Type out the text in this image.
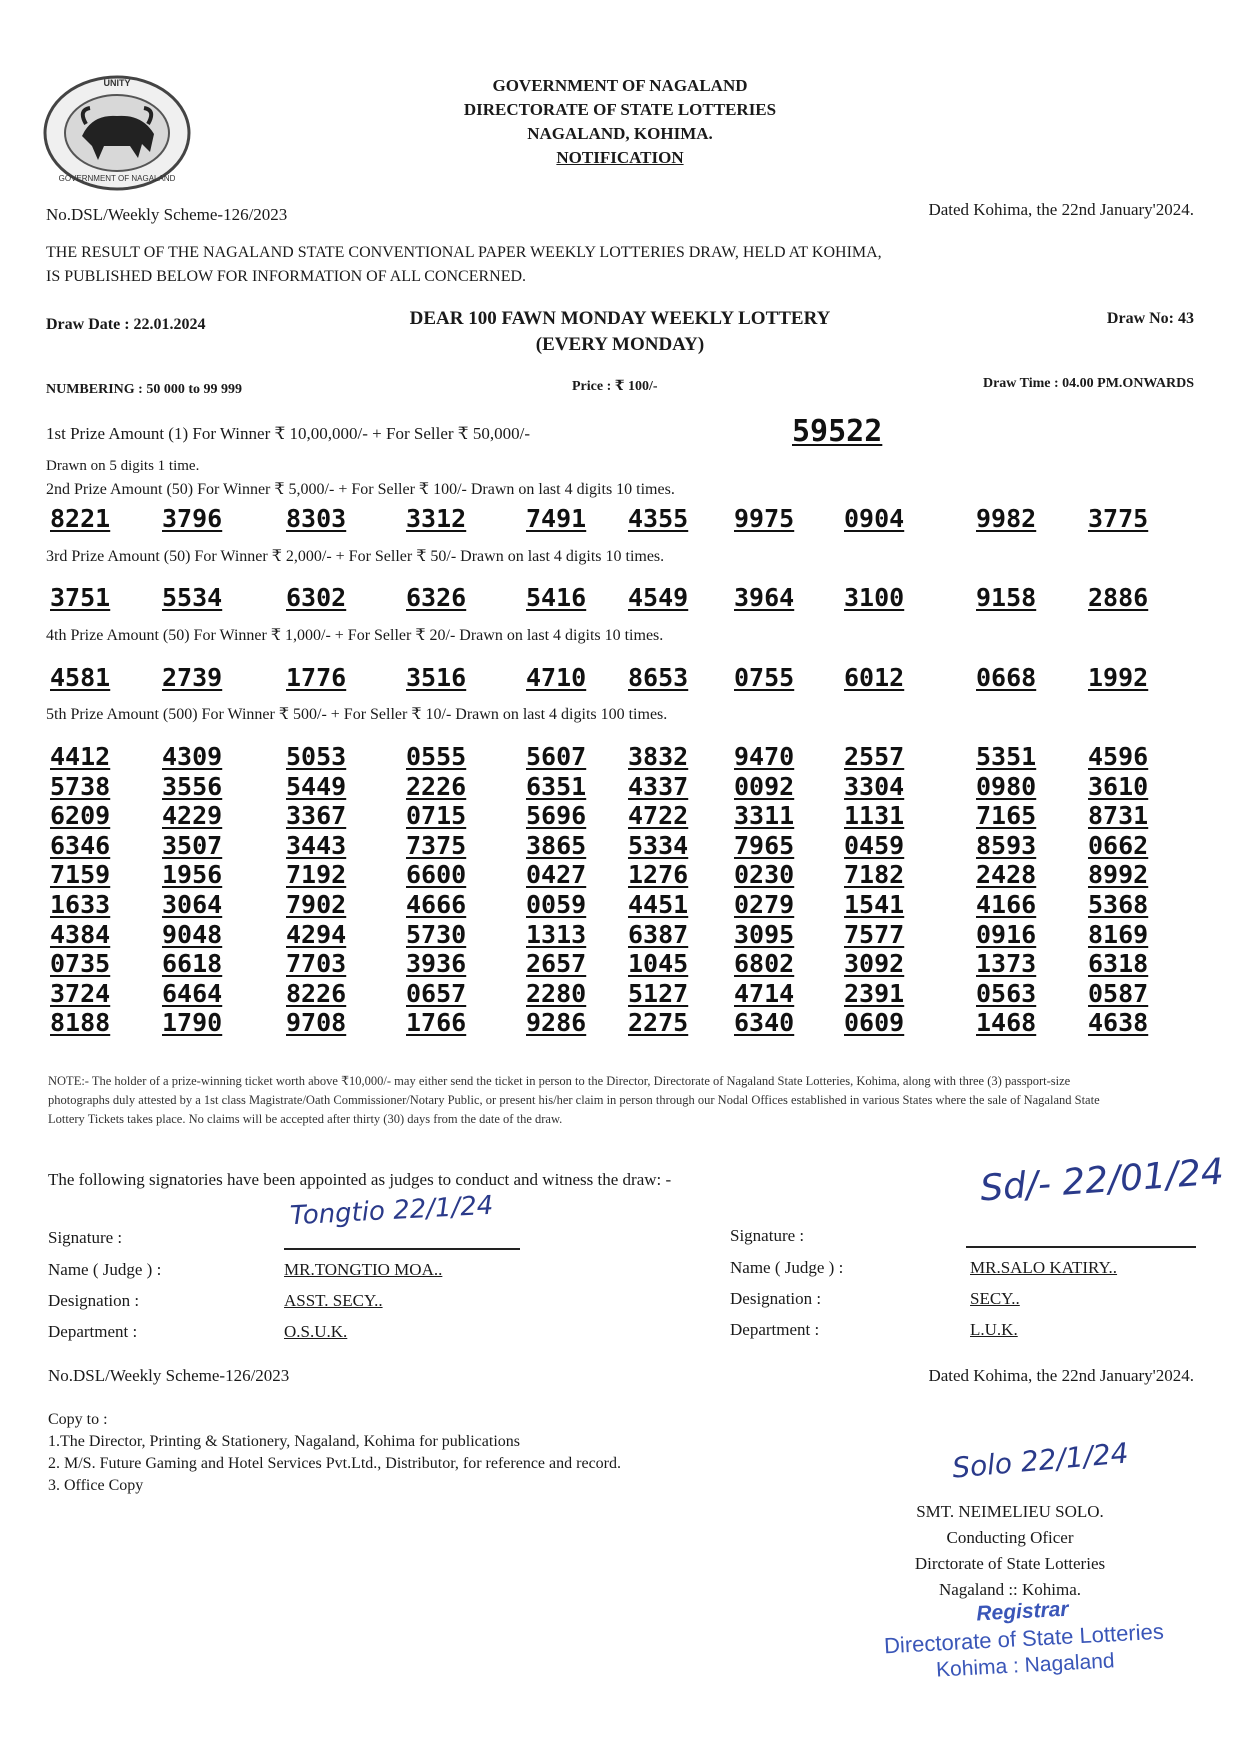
UNITY
GOVERNMENT OF NAGALAND
GOVERNMENT OF NAGALAND
DIRECTORATE OF STATE LOTTERIES
NAGALAND, KOHIMA.
NOTIFICATION
No.DSL/Weekly Scheme-126/2023	Dated Kohima, the 22nd January'2024.
THE RESULT OF THE NAGALAND STATE CONVENTIONAL PAPER WEEKLY LOTTERIES DRAW, HELD AT KOHIMA,
IS PUBLISHED BELOW FOR INFORMATION OF ALL CONCERNED.
Draw Date : 22.01.2024	DEAR 100 FAWN MONDAY WEEKLY LOTTERY
(EVERY MONDAY)
Draw No: 43
NUMBERING : 50 000 to 99 999	Price : ₹ 100/-	Draw Time : 04.00 PM.ONWARDS
1st Prize Amount (1) For Winner ₹ 10,00,000/- + For Seller ₹ 50,000/-	59522
Drawn on 5 digits 1 time.
2nd Prize Amount (50) For Winner ₹ 5,000/- + For Seller ₹ 100/- Drawn on last 4 digits 10 times.
8221 3796	8303 3312 7491 4355 9975 0904	9982 3775
3rd Prize Amount (50) For Winner ₹ 2,000/- + For Seller ₹ 50/- Drawn on last 4 digits 10 times.
3751 5534	6302 6326 5416 4549 3964 3100	9158 2886
4th Prize Amount (50) For Winner ₹ 1,000/- + For Seller ₹ 20/- Drawn on last 4 digits 10 times.
4581 2739	1776 3516 4710 8653 0755 6012	0668 1992
5th Prize Amount (500) For Winner ₹ 500/- + For Seller ₹ 10/- Drawn on last 4 digits 100 times.
4412 4309	5053 0555 5607 3832 9470 2557	5351 4596
5738 3556	5449 2226 6351 4337 0092 3304	0980 3610
6209 4229	3367 0715 5696 4722 3311 1131	7165 8731
6346 3507	3443 7375 3865 5334 7965 0459	8593 0662
7159 1956	7192 6600 0427 1276 0230 7182	2428 8992
1633 3064	7902 4666 0059 4451 0279 1541	4166 5368
4384 9048	4294 5730 1313 6387 3095 7577	0916 8169
0735 6618	7703 3936 2657 1045 6802 3092	1373 6318
3724 6464	8226 0657 2280 5127 4714 2391	0563 0587
8188 1790	9708 1766 9286 2275 6340 0609	1468 4638
NOTE:- The holder of a prize-winning ticket worth above ₹10,000/- may either send the ticket in person to the Director, Directorate of Nagaland State Lotteries, Kohima, along with three (3) passport-size photographs duly attested by a 1st class Magistrate/Oath Commissioner/Notary Public, or present his/her claim in person through our Nodal Offices established in various States where the sale of Nagaland State Lottery Tickets takes place. No claims will be accepted after thirty (30) days from the date of the draw.
The following signatories have been appointed as judges to conduct and witness the draw: -
Tongtio 22/1/24
Signature :
Name ( Judge ) :	MR.TONGTIO MOA..
Designation :	ASST. SECY..
Department :	O.S.U.K.
Sd/- 22/01/24
Signature :
Name ( Judge ) :	MR.SALO KATIRY..
Designation :	SECY..
Department :	L.U.K.
No.DSL/Weekly Scheme-126/2023	Dated Kohima, the 22nd January'2024.
Copy to :
1.The Director, Printing & Stationery, Nagaland, Kohima for publications
2. M/S. Future Gaming and Hotel Services Pvt.Ltd., Distributor, for reference and record.
3. Office Copy
Solo 22/1/24
SMT. NEIMELIEU SOLO.
Conducting Oficer
Dirctorate of State Lotteries
Nagaland :: Kohima.
Registrar
Directorate of State Lotteries
Kohima : Nagaland
